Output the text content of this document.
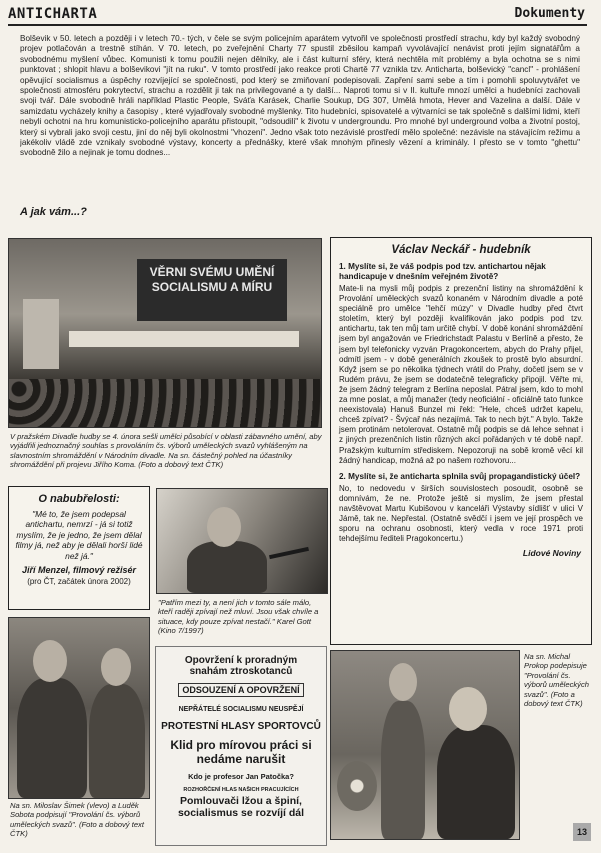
ANTICHARTA	Dokumenty
Bolševik v 50. letech a později i v letech 70.- tých, v čele se svým policejním aparátem vytvořil ve společnosti prostředí strachu, kdy byl každý svobodný projev potlačován a trestně stíhán. V 70. letech, po zveřejnění Charty 77 spustil zběsilou kampaň vyvolávající nenávist proti jejím signatářům a svobodnému myšlení vůbec. Komunisti k tomu použili nejen dělníky, ale i část kulturní sféry, která nechtěla mít problémy a byla ochotna se s nimi punktovat ; shlopit hlavu a bolševikovi "jít na ruku". V tomto prostředí jako reakce proti Chartě 77 vznikla tzv. Anticharta, bolševický "cancl" - prohlášení opěvující socialismus a úspěchy rozvíjející se společnosti, pod který se zmiňovaní podepisovali. Zapření sami sebe a tím i pomohli spoluvytvářet ve společnosti atmosféru pokrytectví, strachu a rozdělit ji tak na privilegované a ty další... Naproti tomu si v II. kultuře mnozí umělci a hudebníci zachovali svoji tvář. Dále svobodně hráli například Plastic People, Sváťa Karásek, Charlie Soukup, DG 307, Umělá hmota, Hever and Vazelina a další. Dále v samizdatu vycházely knihy a časopisy , které vyjadřovaly svobodné myšlenky. Tito hudebníci, spisovatelé a výtvarníci se tak společně s dalšími lidmi, kteří nebyli ochotni na hru komunisticko-policejního aparátu přistoupit, "odsoudili" k životu v undergroundu. Pro mnohé byl underground volba a životní postoj, který si vybrali jako svoji cestu, jiní do něj byli okolnostmi "vhozeni". Jedno však toto nezávislé prostředí mělo společné: nezávisle na stávajícím režimu a jakékoliv vládě zde vznikaly svobodné výstavy, koncerty a přednášky, které však mnohým přinesly vězení a kriminály. I přesto se v tomto "ghettu" svobodně žilo a nejinak je tomu dodnes...
A jak vám...?
VĚRNI SVÉMU UMĚNÍ SOCIALISMU A MÍRU
V pražském Divadle hudby se 4. února sešli umělci působící v oblasti zábavného umění, aby vyjádřili jednoznačný souhlas s provoláním čs. výborů uměleckých svazů vyhlášeným na slavnostním shromáždění v Národním divadle. Na sn. částečný pohled na účastníky shromáždění při projevu Jiřího Koma. (Foto a dobový text ČTK)
Václav Neckář - hudebník
1. Myslíte si, že váš podpis pod tzv. antichartou nějak handicapuje v dnešním veřejném životě?
Mate-li na mysli můj podpis z prezenční listiny na shromáždění k Provolání uměleckých svazů konaném v Národním divadle a poté speciálně pro umělce "lehčí múzy" v Divadle hudby před čtvrt stoletím, který byl později kvalifikován jako podpis pod tzv. antichartu, tak ten můj tam určitě chybí. V době konání shromáždění jsem byl angažován ve Friedrichstadt Palastu v Berlíně a přesto, že jsem byl telefonicky vyzván Pragokoncertem, abych do Prahy přijel, odmítl jsem - v době generálních zkoušek to prostě bylo absurdní. Když jsem se po několika týdnech vrátil do Prahy, dočetl jsem se v Rudém právu, že jsem se dodatečně telegraficky připojil. Věřte mi, že jsem žádný telegram z Berlína neposlal. Pátral jsem, kdo to mohl za mne poslat, a můj manažer (tedy neoficiální - oficiálně tato funkce neexistovala) Hanuš Bunzel mi řekl: "Hele, chceš udržet kapelu, chceš zpívat? - Švýcař nás nezajímá. Tak to nech být." A bylo. Takže jsem protinám netolerovat. Ostatně můj podpis se dá lehce sehnat i z jiných prezenčních listin různých akcí pořádaných v té době např. Pražským kulturním střediskem. Nepozoruji na sobě kromě věcí kil žádný handicap, možná až po našem rozhovoru...
2. Myslíte si, že anticharta splnila svůj propagandistický účel?
No, to nedovedu v širších souvislostech posoudit, osobně se domnívám, že ne. Protože ještě si myslím, že jsem přestal navštěvovat Martu Kubišovou v kanceláři Výstavby sídlišť v ulici V Jámě, tak ne. Nepřestal. (Ostatně svědčí i jsem ve její prospěch ve sporu na ochranu osobnosti, který vedla v roce 1971 proti tehdejšímu řediteli Pragokoncertu.)
Lidové Noviny
O nabubřelosti:
"Mé to, že jsem podepsal antichartu, nemrzí - já si totiž myslím, že je jedno, že jsem dělal filmy já, než aby je dělali horší lidé než já."
Jiří Menzel, filmový režisér
(pro ČT, začátek února 2002)
"Patřím mezi ty, a není jich v tomto sále málo, kteří raději zpívají než mluví. Jsou však chvíle a situace, kdy pouze zpívat nestačí." Karel Gott (Kino 7/1997)
Na sn. Miloslav Šimek (vlevo) a Luděk Sobota podpisují "Provolání čs. výborů uměleckých svazů". (Foto a dobový text ČTK)
Opovržení k proradným
snahám ztroskotanců
ODSOUZENÍ A OPOVRŽENÍ
NEPŘÁTELÉ SOCIALISMU NEUSPĚJÍ
PROTESTNÍ HLASY SPORTOVCŮ
Klid pro mírovou práci si nedáme narušit
Kdo je profesor Jan Patočka?
ROZHOŘČENÍ HLAS NAŠICH PRACUJÍCÍCH
Pomlouvači lžou a špiní, socialismus se rozvíjí dál
Na sn. Michal Prokop podepisuje "Provolání čs. výborů uměleckých svazů". (Foto a dobový text ČTK)
13
